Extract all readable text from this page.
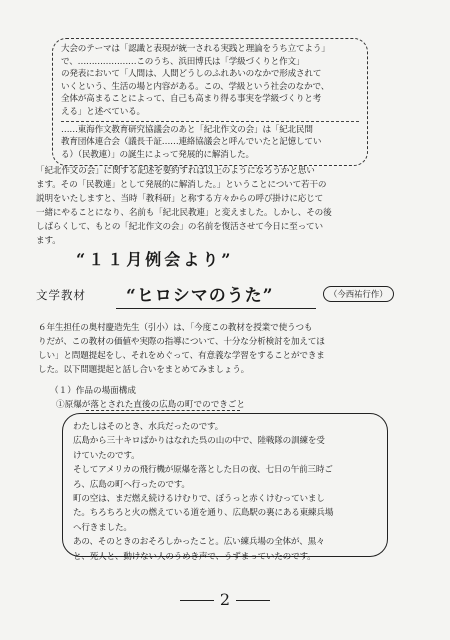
大会のテーマは「認識と表現が統一される実践と理論をうち立てよう」
で、…………………このうち、浜田博氏は「学級づくりと作文」
の発表において「人間は、人間どうしのふれあいのなかで形成されて
いくという、生活の場と内容がある。この、学級という社会のなかで、
全体が高まることによって、自己も高まり得る事実を学級づくりと考
える」と述べている。
……東海作文教育研究協議会のあと「紀北作文の会」は「紀北民間
教育団体連合会（議長千証……連絡協議会と呼んでいたと記憶してい
る）（民教連）」の誕生によって発展的に解消した。
「紀北作文の会」に関する記述を要約すれば以上のようになろうかと思い
ます。その「民教連」として発展的に解消した。」ということについて若干の
説明をいたしますと、当時「教科研」と称する方々からの呼び掛けに応じて
一緒にやることになり、名前も「紀北民教連」と変えました。しかし、その後
しばらくして、もとの「紀北作文の会」の名前を復活させて今日に至ってい
ます。
“１１月例会より”
文学教材 “ヒロシマのうた”	（今西祐行作）
６年生担任の奥村慶造先生（引小）は、「今度この教材を授業で使うつも
りだが、この教材の価値や実際の指導について、十分な分析検討を加えてほ
しい」と問題提起をし、それをめぐって、有意義な学習をすることができま
した。以下問題提起と話し合いをまとめてみましょう。
（１）作品の場面構成
①原爆が落とされた直後の広島の町でのできごと
わたしはそのとき、水兵だったのです。
広島から三十キロばかりはなれた呉の山の中で、陸戦隊の訓練を受
けていたのです。
そしてアメリカの飛行機が原爆を落とした日の夜、七日の午前三時ご
ろ、広島の町へ行ったのです。
町の空は、まだ燃え続けるけむりで、ぼうっと赤くけむっていまし
た。ちろちろと火の燃えている道を通り、広島駅の裏にある東練兵場
へ行きました。
あの、そのときのおそろしかったこと。広い練兵場の全体が、黒々
と、死人と、動けない人のうめき声で、うずまっていたのです。
2
